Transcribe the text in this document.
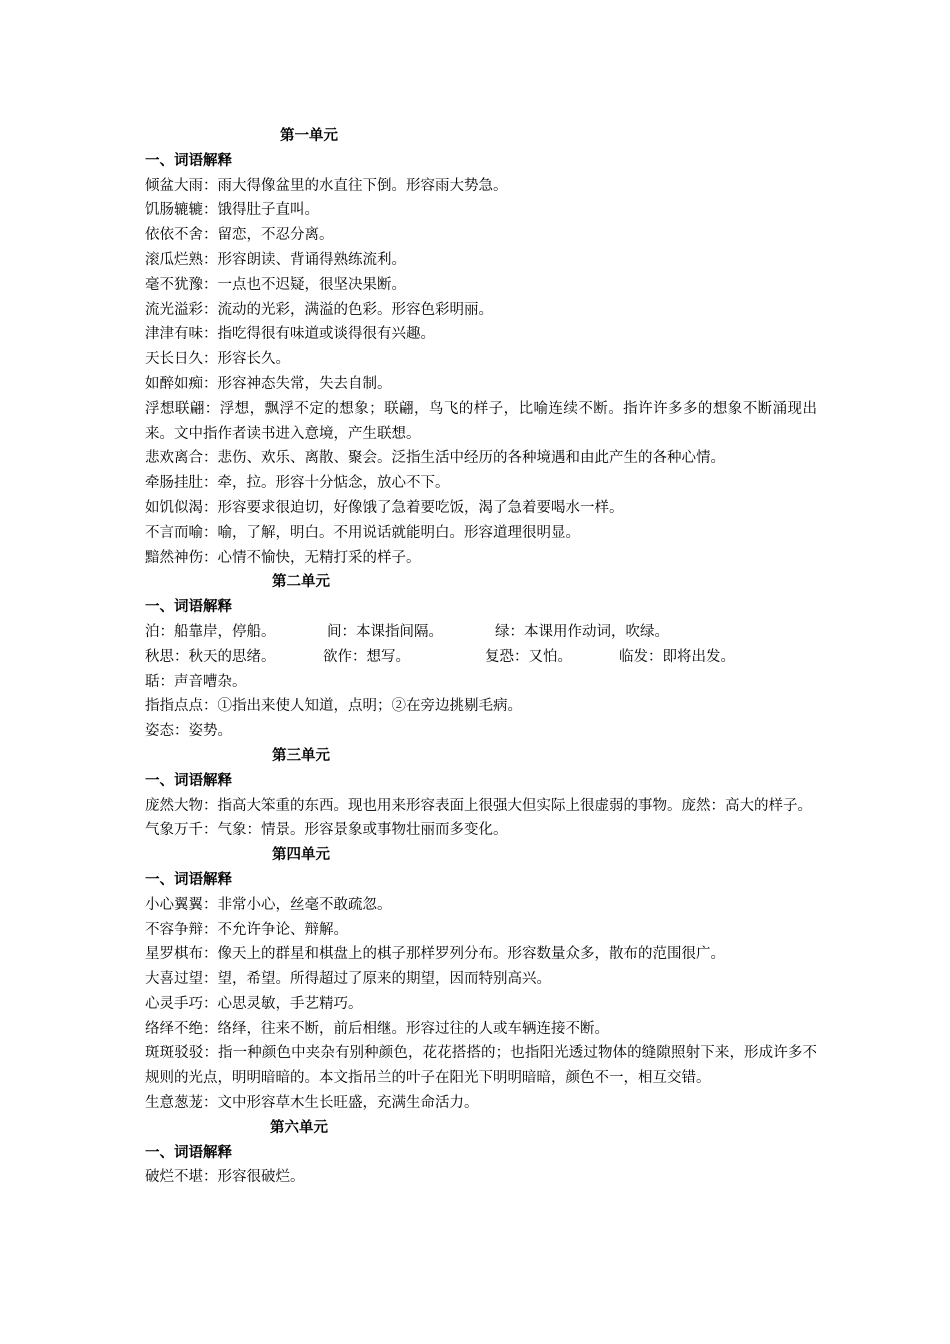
第一单元
一、词语解释
倾盆大雨：雨大得像盆里的水直往下倒。形容雨大势急。
饥肠辘辘：饿得肚子直叫。
依依不舍：留恋，不忍分离。
滚瓜烂熟：形容朗读、背诵得熟练流利。
毫不犹豫：一点也不迟疑，很坚决果断。
流光溢彩：流动的光彩，满溢的色彩。形容色彩明丽。
津津有味：指吃得很有味道或谈得很有兴趣。
天长日久：形容长久。
如醉如痴：形容神态失常，失去自制。
浮想联翩：浮想，飘浮不定的想象；联翩，鸟飞的样子，比喻连续不断。指许许多多的想象不断涌现出来。文中指作者读书进入意境，产生联想。
悲欢离合：悲伤、欢乐、离散、聚会。泛指生活中经历的各种境遇和由此产生的各种心情。
牵肠挂肚：牵，拉。形容十分惦念，放心不下。
如饥似渴：形容要求很迫切，好像饿了急着要吃饭，渴了急着要喝水一样。
不言而喻：喻，了解，明白。不用说话就能明白。形容道理很明显。
黯然神伤：心情不愉快，无精打采的样子。
第二单元
一、词语解释
泊：船靠岸，停船。	间：本课指间隔。	绿：本课用作动词，吹绿。
秋思：秋天的思绪。	欲作：想写。	复恐：又怕。	临发：即将出发。
聒：声音嘈杂。
指指点点：①指出来使人知道，点明；②在旁边挑剔毛病。
姿态：姿势。
第三单元
一、词语解释
庞然大物：指高大笨重的东西。现也用来形容表面上很强大但实际上很虚弱的事物。庞然：高大的样子。
气象万千：气象：情景。形容景象或事物壮丽而多变化。
第四单元
一、词语解释
小心翼翼：非常小心，丝毫不敢疏忽。
不容争辩：不允许争论、辩解。
星罗棋布：像天上的群星和棋盘上的棋子那样罗列分布。形容数量众多，散布的范围很广。
大喜过望：望，希望。所得超过了原来的期望，因而特别高兴。
心灵手巧：心思灵敏，手艺精巧。
络绎不绝：络绎，往来不断，前后相继。形容过往的人或车辆连接不断。
斑斑驳驳：指一种颜色中夹杂有别种颜色，花花搭搭的；也指阳光透过物体的缝隙照射下来，形成许多不规则的光点，明明暗暗的。本文指吊兰的叶子在阳光下明明暗暗，颜色不一，相互交错。
生意葱茏：文中形容草木生长旺盛，充满生命活力。
第六单元
一、词语解释
破烂不堪：形容很破烂。
